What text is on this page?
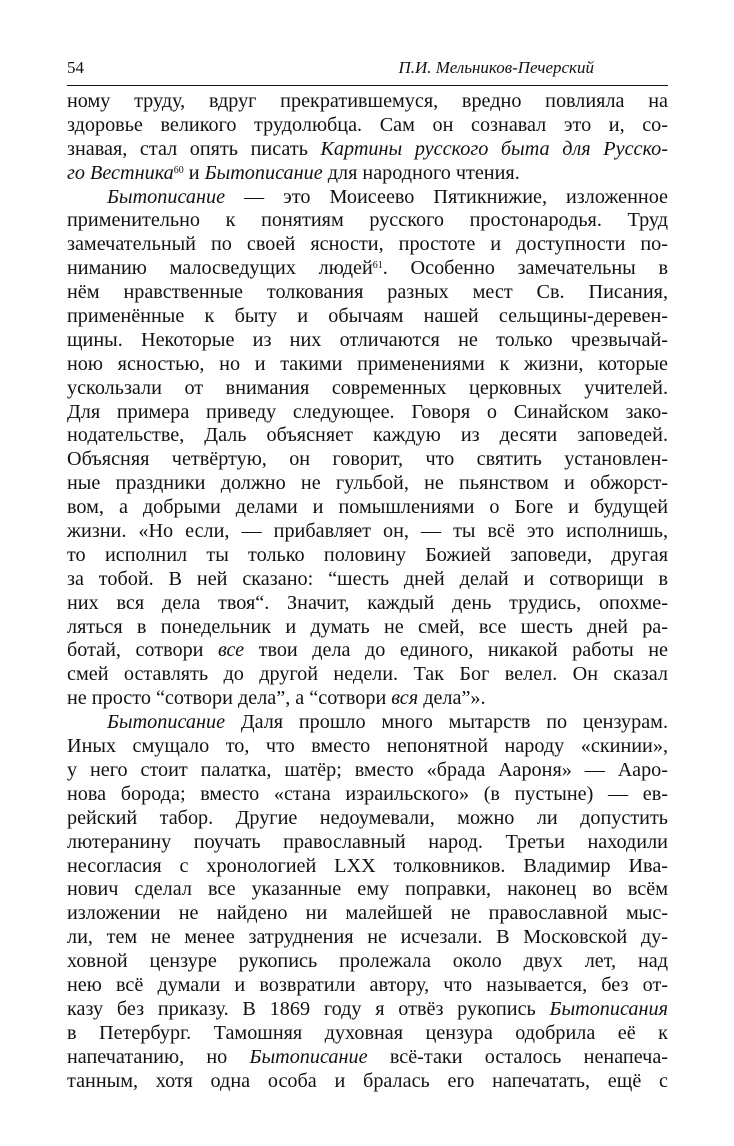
54	П.И. Мельников-Печерский
ному труду, вдруг прекратившемуся, вредно повлияла на
здоровье великого трудолюбца. Сам он сознавал это и, со-
знавая, стал опять писать Картины русского быта для Русско-
го Вестника$^{60}$ и Бытописание для народного чтения.
Бытописание — это Моисеево Пятикнижие, изложенное
применительно к понятиям русского простонародья. Труд
замечательный по своей ясности, простоте и доступности по-
ниманию малосведущих людей$^{61}$. Особенно замечательны в
нём нравственные толкования разных мест Св. Писания,
применённые к быту и обычаям нашей сельщины-деревен-
щины. Некоторые из них отличаются не только чрезвычай-
ною ясностью, но и такими применениями к жизни, которые
ускользали от внимания современных церковных учителей.
Для примера приведу следующее. Говоря о Синайском зако-
нодательстве, Даль объясняет каждую из десяти заповедей.
Объясняя четвёртую, он говорит, что святить установлен-
ные праздники должно не гульбой, не пьянством и обжорст-
вом, а добрыми делами и помышлениями о Боге и будущей
жизни. «Но если, — прибавляет он, — ты всё это исполнишь,
то исполнил ты только половину Божией заповеди, другая
за тобой. В ней сказано: “шесть дней делай и сотворищи в
них вся дела твоя“. Значит, каждый день трудись, опохме-
ляться в понедельник и думать не смей, все шесть дней ра-
ботай, сотвори все твои дела до единого, никакой работы не
смей оставлять до другой недели. Так Бог велел. Он сказал
не просто “сотвори дела”, а “сотвори вся дела”».
Бытописание Даля прошло много мытарств по цензурам.
Иных смущало то, что вместо непонятной народу «скинии»,
у него стоит палатка, шатёр; вместо «брада Аароня» — Ааро-
нова борода; вместо «стана израильского» (в пустыне) — ев-
рейский табор. Другие недоумевали, можно ли допустить
лютеранину поучать православный народ. Третьи находили
несогласия с хронологией LXX толковников. Владимир Ива-
нович сделал все указанные ему поправки, наконец во всём
изложении не найдено ни малейшей не православной мыс-
ли, тем не менее затруднения не исчезали. В Московской ду-
ховной цензуре рукопись пролежала около двух лет, над
нею всё думали и возвратили автору, что называется, без от-
казу без приказу. В 1869 году я отвёз рукопись Бытописания
в Петербург. Тамошняя духовная цензура одобрила её к
напечатанию, но Бытописание всё-таки осталось ненапеча-
танным, хотя одна особа и бралась его напечатать, ещё с
